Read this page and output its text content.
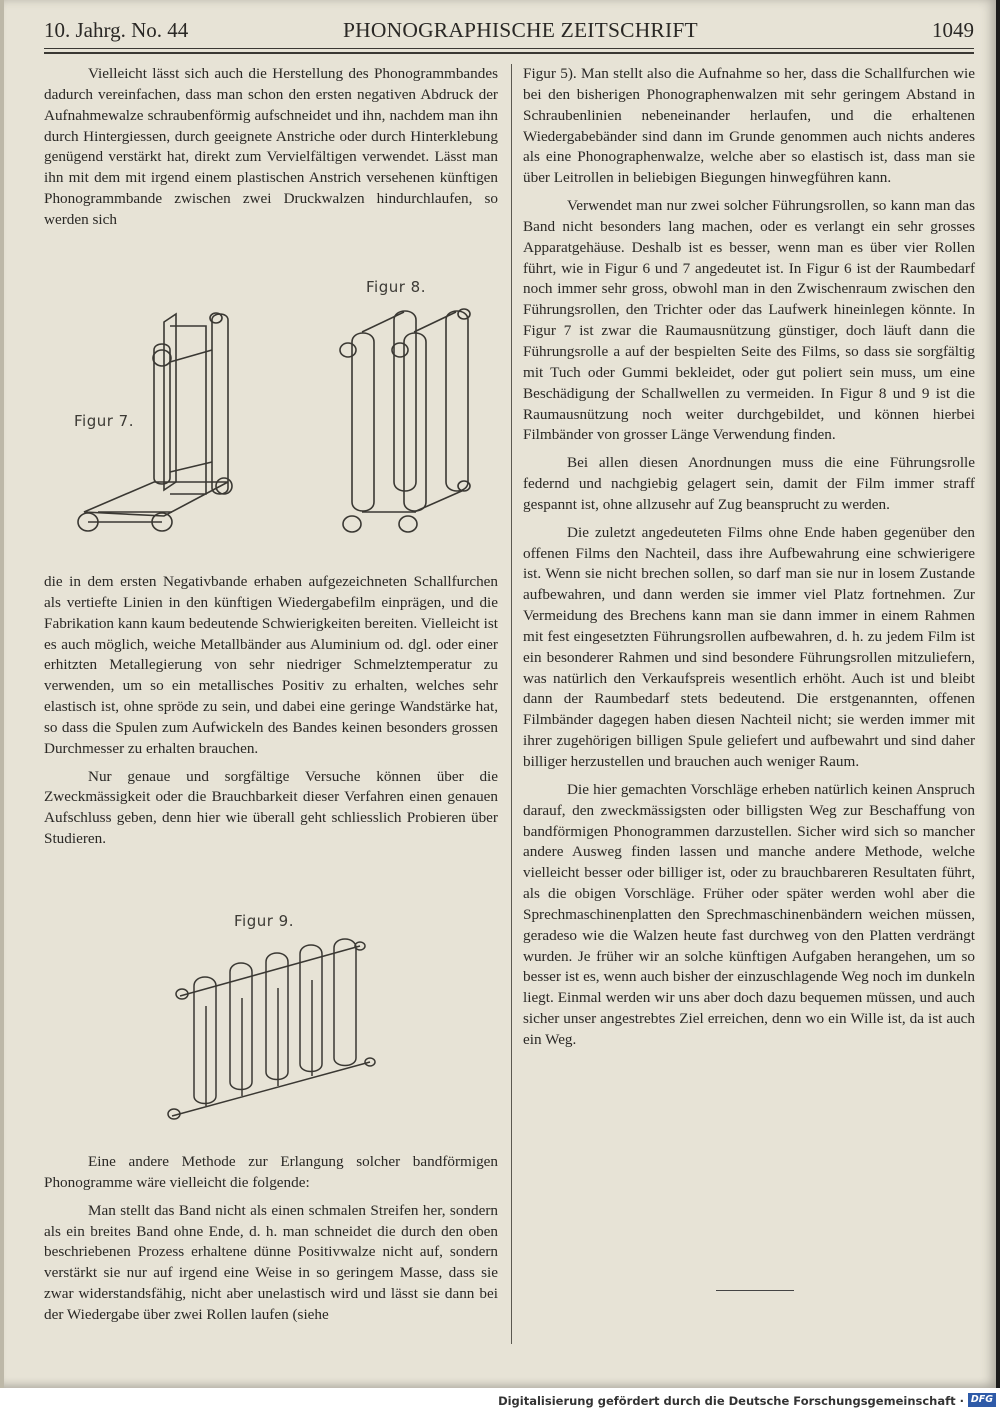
10. Jahrg. No. 44	PHONOGRAPHISCHE ZEITSCHRIFT	1049

Vielleicht lässt sich auch die Herstellung des Phonogrammbandes dadurch vereinfachen, dass man schon den ersten negativen Abdruck der Aufnahmewalze schraubenförmig aufschneidet und ihn, nachdem man ihn durch Hintergiessen, durch geeignete Anstriche oder durch Hinterklebung genügend verstärkt hat, direkt zum Vervielfältigen verwendet. Lässt man ihn mit dem mit irgend einem plastischen Anstrich versehenen künftigen Phonogrammbande zwischen zwei Druckwalzen hindurchlaufen, so werden sich

Figur 7.
Figur 8.

die in dem ersten Negativbande erhaben aufgezeichneten Schallfurchen als vertiefte Linien in den künftigen Wiedergabefilm einprägen, und die Fabrikation kann kaum bedeutende Schwierigkeiten bereiten. Vielleicht ist es auch möglich, weiche Metallbänder aus Aluminium od. dgl. oder einer erhitzten Metallegierung von sehr niedriger Schmelztemperatur zu verwenden, um so ein metallisches Positiv zu erhalten, welches sehr elastisch ist, ohne spröde zu sein, und dabei eine geringe Wandstärke hat, so dass die Spulen zum Aufwickeln des Bandes keinen besonders grossen Durchmesser zu erhalten brauchen.

Nur genaue und sorgfältige Versuche können über die Zweckmässigkeit oder die Brauchbarkeit dieser Verfahren einen genauen Aufschluss geben, denn hier wie überall geht schliesslich Probieren über Studieren.

Figur 9.

Eine andere Methode zur Erlangung solcher bandförmigen Phonogramme wäre vielleicht die folgende:

Man stellt das Band nicht als einen schmalen Streifen her, sondern als ein breites Band ohne Ende, d. h. man schneidet die durch den oben beschriebenen Prozess erhaltene dünne Positivwalze nicht auf, sondern verstärkt sie nur auf irgend eine Weise in so geringem Masse, dass sie zwar widerstandsfähig, nicht aber unelastisch wird und lässt sie dann bei der Wiedergabe über zwei Rollen laufen (siehe

Figur 5). Man stellt also die Aufnahme so her, dass die Schallfurchen wie bei den bisherigen Phonographenwalzen mit sehr geringem Abstand in Schraubenlinien nebeneinander herlaufen, und die erhaltenen Wiedergabebänder sind dann im Grunde genommen auch nichts anderes als eine Phonographenwalze, welche aber so elastisch ist, dass man sie über Leitrollen in beliebigen Biegungen hinwegführen kann.

Verwendet man nur zwei solcher Führungsrollen, so kann man das Band nicht besonders lang machen, oder es verlangt ein sehr grosses Apparatgehäuse. Deshalb ist es besser, wenn man es über vier Rollen führt, wie in Figur 6 und 7 angedeutet ist. In Figur 6 ist der Raumbedarf noch immer sehr gross, obwohl man in den Zwischenraum zwischen den Führungsrollen, den Trichter oder das Laufwerk hineinlegen könnte. In Figur 7 ist zwar die Raumausnützung günstiger, doch läuft dann die Führungsrolle a auf der bespielten Seite des Films, so dass sie sorgfältig mit Tuch oder Gummi bekleidet, oder gut poliert sein muss, um eine Beschädigung der Schallwellen zu vermeiden. In Figur 8 und 9 ist die Raumausnützung noch weiter durchgebildet, und können hierbei Filmbänder von grosser Länge Verwendung finden.

Bei allen diesen Anordnungen muss die eine Führungsrolle federnd und nachgiebig gelagert sein, damit der Film immer straff gespannt ist, ohne allzusehr auf Zug beansprucht zu werden.

Die zuletzt angedeuteten Films ohne Ende haben gegenüber den offenen Films den Nachteil, dass ihre Aufbewahrung eine schwierigere ist. Wenn sie nicht brechen sollen, so darf man sie nur in losem Zustande aufbewahren, und dann werden sie immer viel Platz fortnehmen. Zur Vermeidung des Brechens kann man sie dann immer in einem Rahmen mit fest eingesetzten Führungsrollen aufbewahren, d. h. zu jedem Film ist ein besonderer Rahmen und sind besondere Führungsrollen mitzuliefern, was natürlich den Verkaufspreis wesentlich erhöht. Auch ist und bleibt dann der Raumbedarf stets bedeutend. Die erstgenannten, offenen Filmbänder dagegen haben diesen Nachteil nicht; sie werden immer mit ihrer zugehörigen billigen Spule geliefert und aufbewahrt und sind daher billiger herzustellen und brauchen auch weniger Raum.

Die hier gemachten Vorschläge erheben natürlich keinen Anspruch darauf, den zweckmässigsten oder billigsten Weg zur Beschaffung von bandförmigen Phonogrammen darzustellen. Sicher wird sich so mancher andere Ausweg finden lassen und manche andere Methode, welche vielleicht besser oder billiger ist, oder zu brauchbareren Resultaten führt, als die obigen Vorschläge. Früher oder später werden wohl aber die Sprechmaschinenplatten den Sprechmaschinenbändern weichen müssen, geradeso wie die Walzen heute fast durchweg von den Platten verdrängt wurden. Je früher wir an solche künftigen Aufgaben herangehen, um so besser ist es, wenn auch bisher der einzuschlagende Weg noch im dunkeln liegt. Einmal werden wir uns aber doch dazu bequemen müssen, und auch sicher unser angestrebtes Ziel erreichen, denn wo ein Wille ist, da ist auch ein Weg.

Digitalisierung gefördert durch die Deutsche Forschungsgemeinschaft · DFG
